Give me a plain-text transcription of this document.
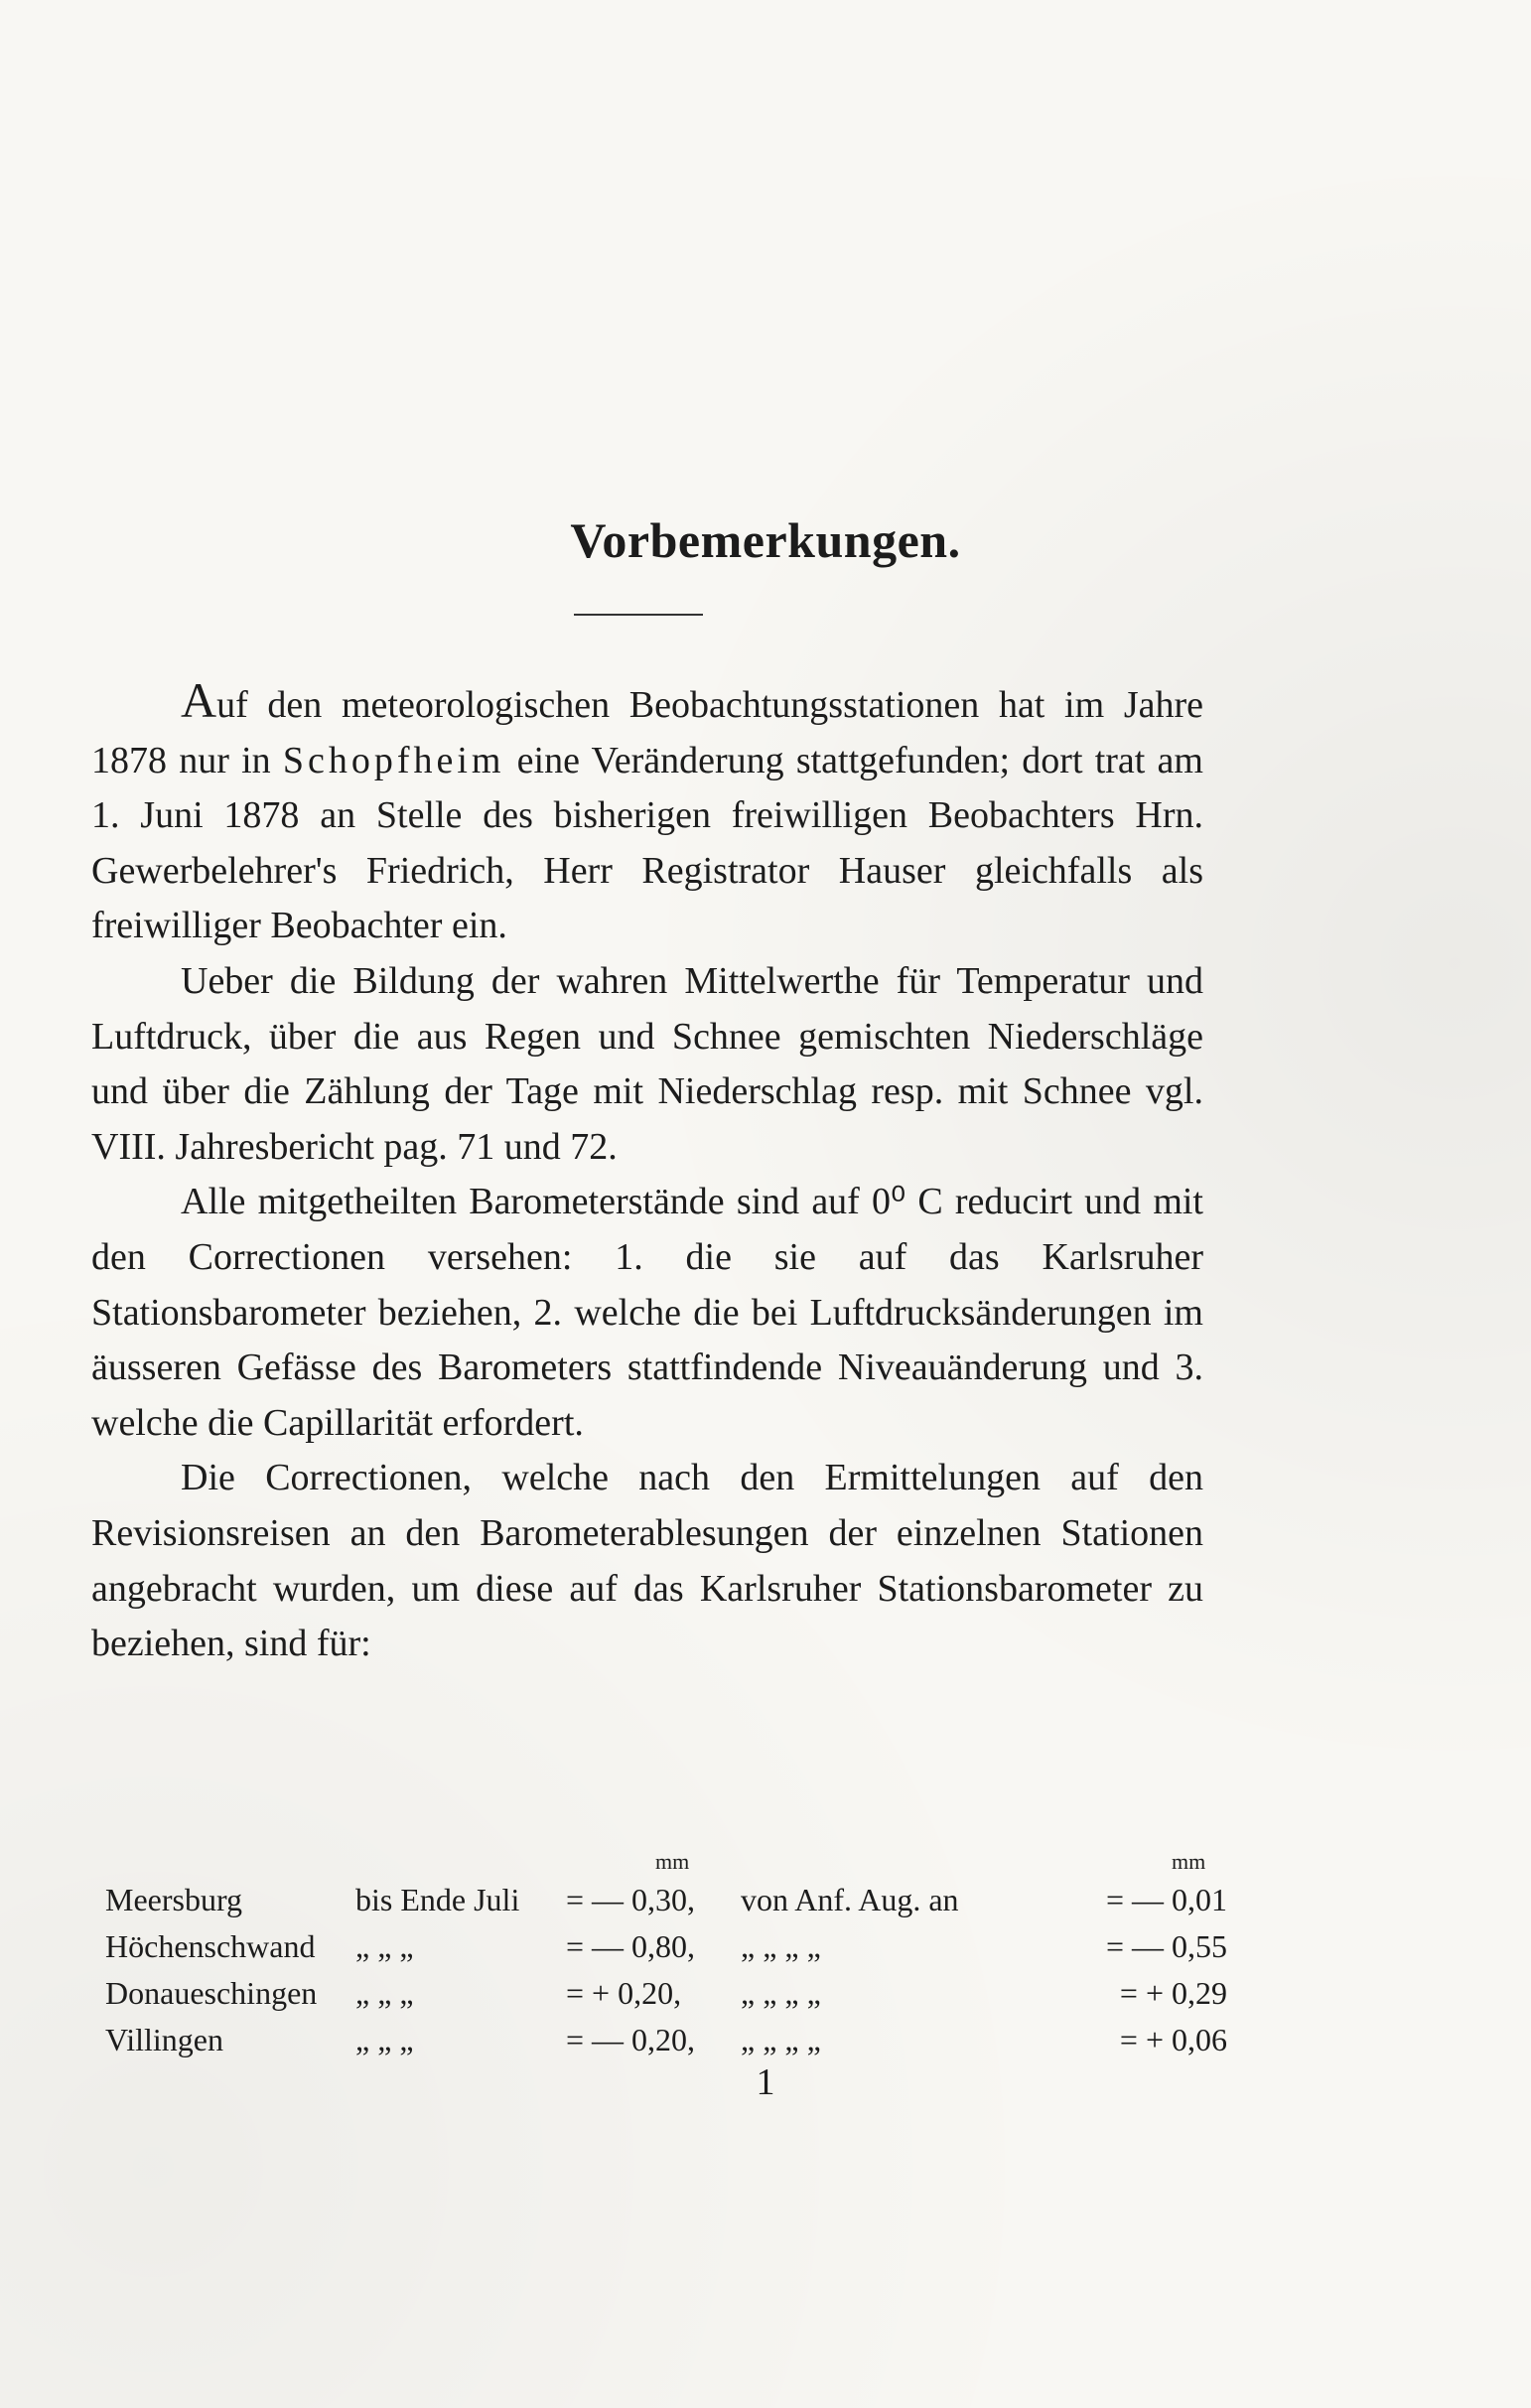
Vorbemerkungen.

Auf den meteorologischen Beobachtungsstationen hat im Jahre 1878 nur in Schopfheim eine Veränderung stattgefunden; dort trat am 1. Juni 1878 an Stelle des bisherigen freiwilligen Beobachters Hrn. Gewerbelehrer's Friedrich, Herr Registrator Hauser gleichfalls als freiwilliger Beobachter ein.

Ueber die Bildung der wahren Mittelwerthe für Temperatur und Luftdruck, über die aus Regen und Schnee gemischten Niederschläge und über die Zählung der Tage mit Niederschlag resp. mit Schnee vgl. VIII. Jahresbericht pag. 71 und 72.

Alle mitgetheilten Barometerstände sind auf 0⁰ C reducirt und mit den Correctionen versehen: 1. die sie auf das Karlsruher Stationsbarometer beziehen, 2. welche die bei Luftdrucksänderungen im äusseren Gefässe des Barometers stattfindende Niveauänderung und 3. welche die Capillarität erfordert.

Die Correctionen, welche nach den Ermittelungen auf den Revisionsreisen an den Barometerablesungen der einzelnen Stationen angebracht wurden, um diese auf das Karlsruher Stationsbarometer zu beziehen, sind für:

mm	mm
Meersburg	bis Ende Juli	= — 0,30,	von Anf. Aug. an	= — 0,01
Höchenschwand	„ „ „	= — 0,80,	„ „ „ „	= — 0,55
Donaueschingen	„ „ „	= + 0,20,	„ „ „ „	= + 0,29
Villingen	„ „ „	= — 0,20,	„ „ „ „	= + 0,06
1
